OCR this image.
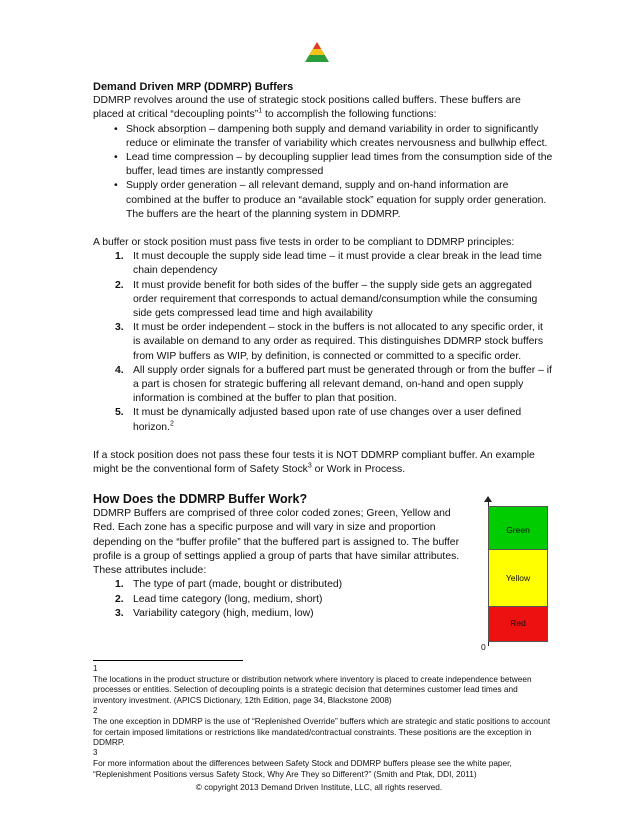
Demand Driven MRP (DDMRP) Buffers

DDMRP revolves around the use of strategic stock positions called buffers. These buffers are placed at critical “decoupling points”$^1$ to accomplish the following functions:

• Shock absorption – dampening both supply and demand variability in order to significantly reduce or eliminate the transfer of variability which creates nervousness and bullwhip effect.
• Lead time compression – by decoupling supplier lead times from the consumption side of the buffer, lead times are instantly compressed
• Supply order generation – all relevant demand, supply and on-hand information are combined at the buffer to produce an “available stock” equation for supply order generation. The buffers are the heart of the planning system in DDMRP.

A buffer or stock position must pass five tests in order to be compliant to DDMRP principles:

1. It must decouple the supply side lead time – it must provide a clear break in the lead time chain dependency
2. It must provide benefit for both sides of the buffer – the supply side gets an aggregated order requirement that corresponds to actual demand/consumption while the consuming side gets compressed lead time and high availability
3. It must be order independent – stock in the buffers is not allocated to any specific order, it is available on demand to any order as required. This distinguishes DDMRP stock buffers from WIP buffers as WIP, by definition, is connected or committed to a specific order.
4. All supply order signals for a buffered part must be generated through or from the buffer – if a part is chosen for strategic buffering all relevant demand, on-hand and open supply information is combined at the buffer to plan that position.
5. It must be dynamically adjusted based upon rate of use changes over a user defined horizon.$^2$

If a stock position does not pass these four tests it is NOT DDMRP compliant buffer. An example might be the conventional form of Safety Stock$^3$ or Work in Process.

How Does the DDMRP Buffer Work?

DDMRP Buffers are comprised of three color coded zones; Green, Yellow and Red. Each zone has a specific purpose and will vary in size and proportion depending on the “buffer profile” that the buffered part is assigned to. The buffer profile is a group of settings applied a group of parts that have similar attributes. These attributes include:

1. The type of part (made, bought or distributed)
2. Lead time category (long, medium, short)
3. Variability category (high, medium, low)
Green
Yellow
Red
0
1
The locations in the product structure or distribution network where inventory is placed to create independence between processes or entities. Selection of decoupling points is a strategic decision that determines customer lead times and inventory investment. (APICS Dictionary, 12th Edition, page 34, Blackstone 2008)
2
The one exception in DDMRP is the use of “Replenished Override” buffers which are strategic and static positions to account for certain imposed limitations or restrictions like mandated/contractual constraints. These positions are the exception in DDMRP.
3
For more information about the differences between Safety Stock and DDMRP buffers please see the white paper, “Replenishment Positions versus Safety Stock, Why Are They so Different?” (Smith and Ptak, DDI, 2011)
© copyright 2013 Demand Driven Institute, LLC, all rights reserved.
